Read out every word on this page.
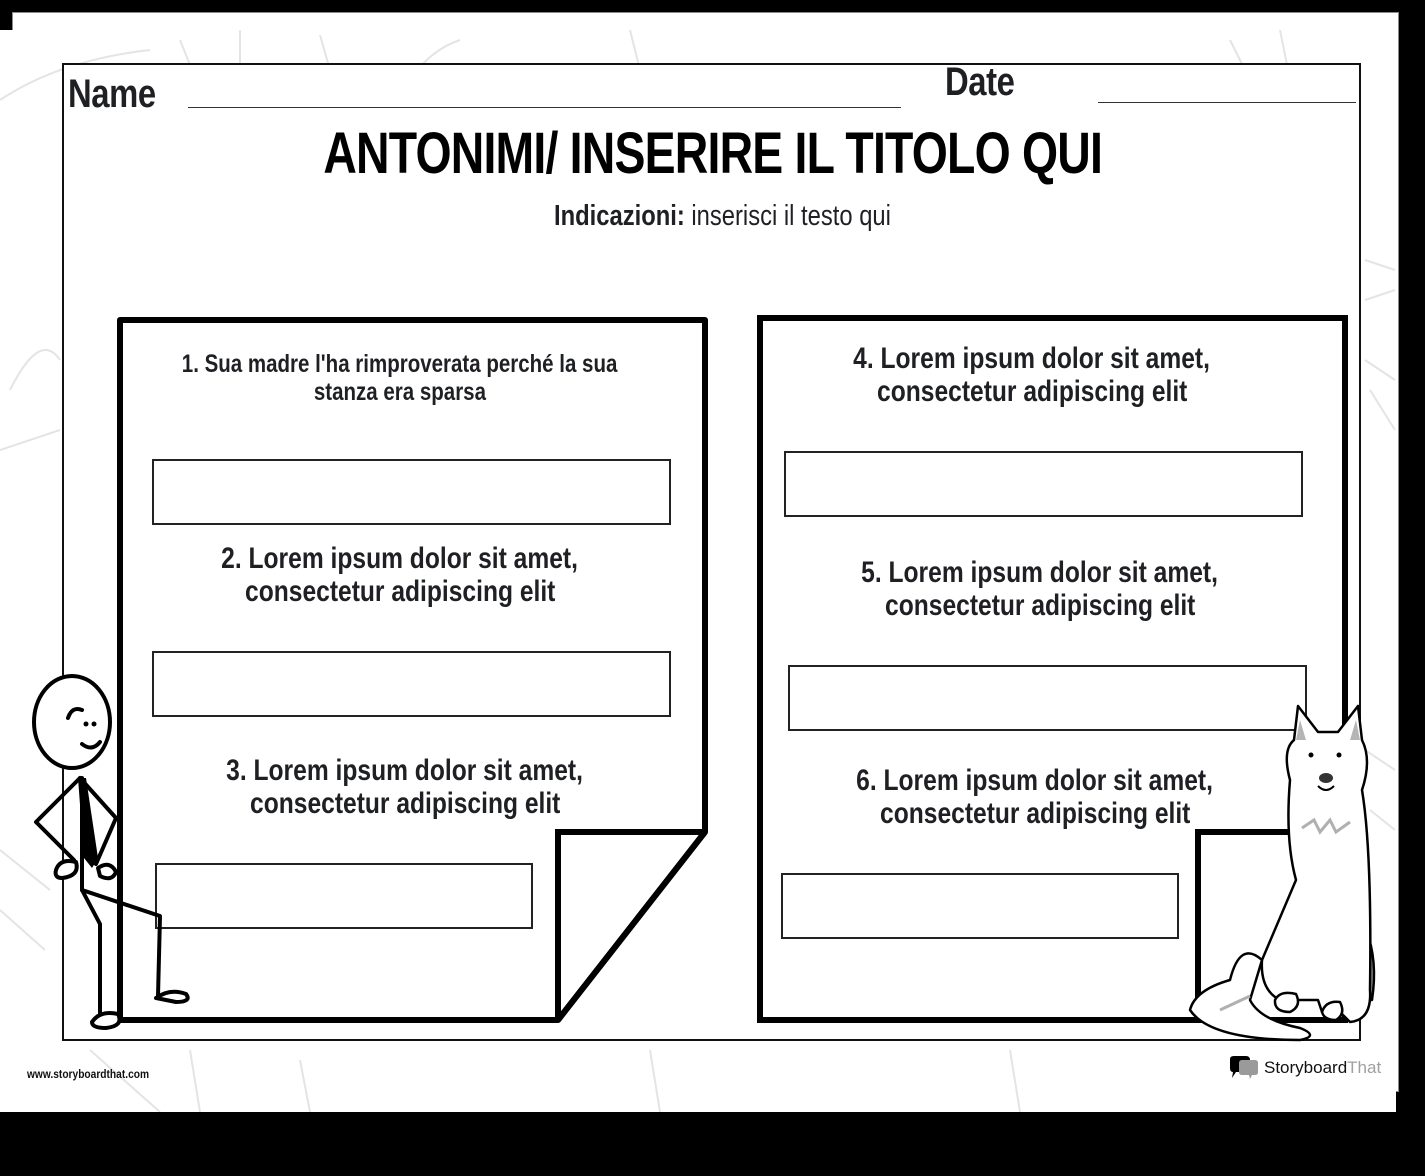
Name	Date
ANTONIMI/ INSERIRE IL TITOLO QUI
Indicazioni: inserisci il testo qui
1. Sua madre l'ha rimproverata perché la sua
stanza era sparsa
2. Lorem ipsum dolor sit amet,
consectetur adipiscing elit
3. Lorem ipsum dolor sit amet,
consectetur adipiscing elit
4. Lorem ipsum dolor sit amet,
consectetur adipiscing elit
5. Lorem ipsum dolor sit amet,
consectetur adipiscing elit
6. Lorem ipsum dolor sit amet,
consectetur adipiscing elit
www.storyboardthat.com	StoryboardThat
